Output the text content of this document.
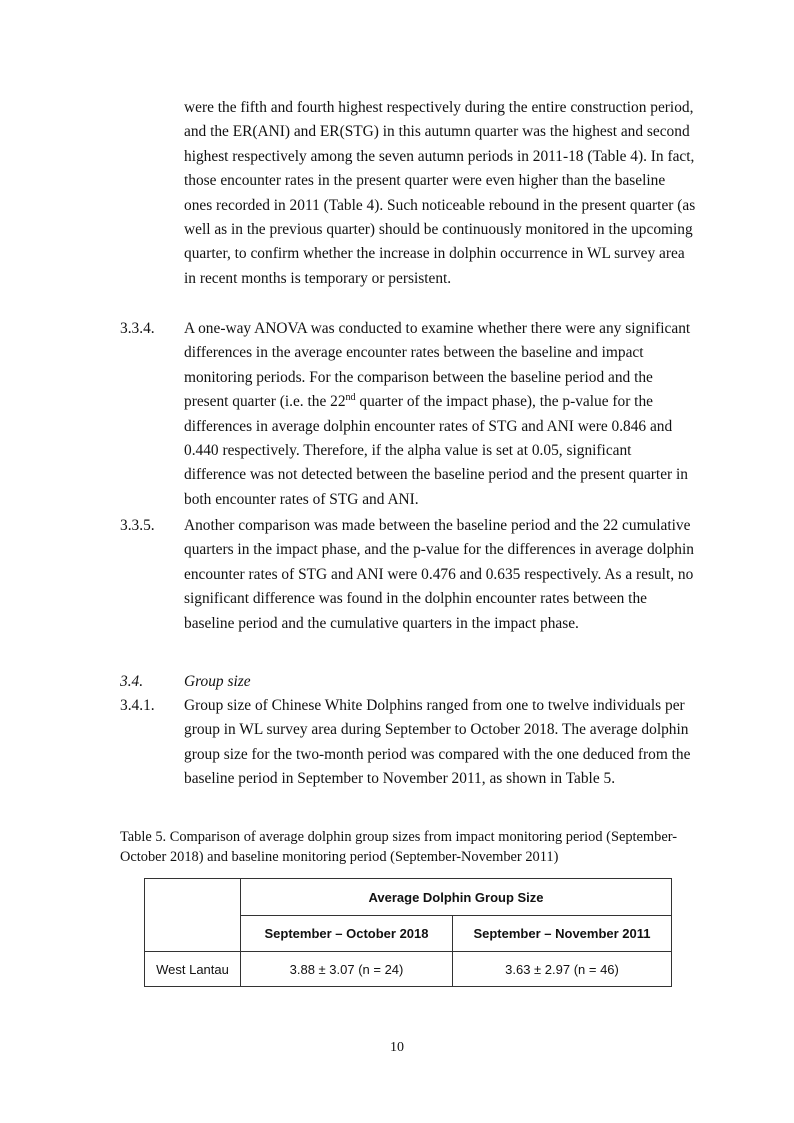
were the fifth and fourth highest respectively during the entire construction period, and the ER(ANI) and ER(STG) in this autumn quarter was the highest and second highest respectively among the seven autumn periods in 2011-18 (Table 4). In fact, those encounter rates in the present quarter were even higher than the baseline ones recorded in 2011 (Table 4). Such noticeable rebound in the present quarter (as well as in the previous quarter) should be continuously monitored in the upcoming quarter, to confirm whether the increase in dolphin occurrence in WL survey area in recent months is temporary or persistent.

3.3.4. A one-way ANOVA was conducted to examine whether there were any significant differences in the average encounter rates between the baseline and impact monitoring periods. For the comparison between the baseline period and the present quarter (i.e. the 22nd quarter of the impact phase), the p-value for the differences in average dolphin encounter rates of STG and ANI were 0.846 and 0.440 respectively. Therefore, if the alpha value is set at 0.05, significant difference was not detected between the baseline period and the present quarter in both encounter rates of STG and ANI.

3.3.5. Another comparison was made between the baseline period and the 22 cumulative quarters in the impact phase, and the p-value for the differences in average dolphin encounter rates of STG and ANI were 0.476 and 0.635 respectively. As a result, no significant difference was found in the dolphin encounter rates between the baseline period and the cumulative quarters in the impact phase.

3.4.	Group size
3.4.1. Group size of Chinese White Dolphins ranged from one to twelve individuals per group in WL survey area during September to October 2018. The average dolphin group size for the two-month period was compared with the one deduced from the baseline period in September to November 2011, as shown in Table 5.

Table 5. Comparison of average dolphin group sizes from impact monitoring period (September-October 2018) and baseline monitoring period (September-November 2011)
	Average Dolphin Group Size	
	September – October 2018	September – November 2011
West Lantau	3.88 ± 3.07 (n = 24)	3.63 ± 2.97 (n = 46)
10
